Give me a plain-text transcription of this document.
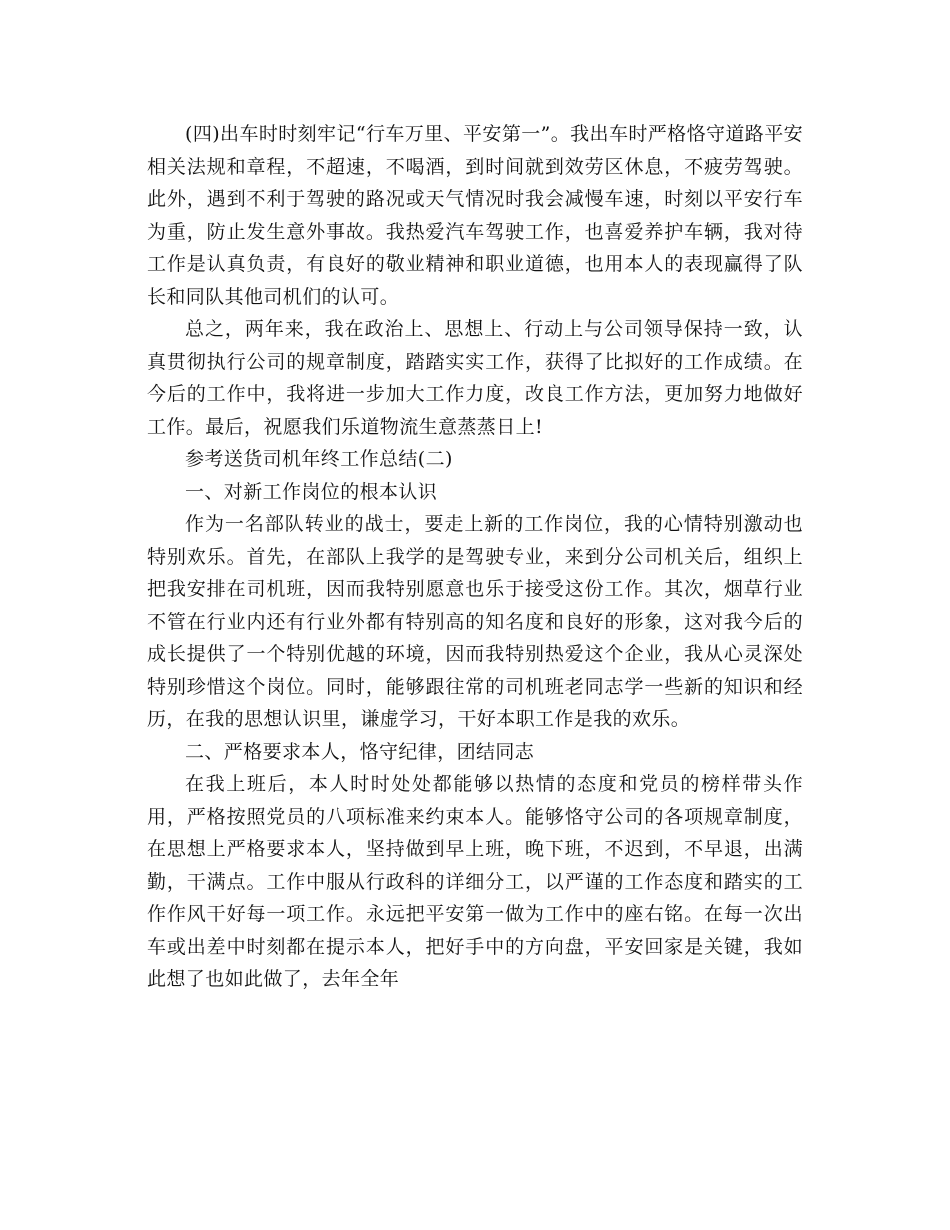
(四)出车时时刻牢记“行车万里、平安第一”。我出车时严格恪守道路平安相关法规和章程，不超速，不喝酒，到时间就到效劳区休息，不疲劳驾驶。此外，遇到不利于驾驶的路况或天气情况时我会减慢车速，时刻以平安行车为重，防止发生意外事故。我热爱汽车驾驶工作，也喜爱养护车辆，我对待工作是认真负责，有良好的敬业精神和职业道德，也用本人的表现赢得了队长和同队其他司机们的认可。

总之，两年来，我在政治上、思想上、行动上与公司领导保持一致，认真贯彻执行公司的规章制度，踏踏实实工作，获得了比拟好的工作成绩。在今后的工作中，我将进一步加大工作力度，改良工作方法，更加努力地做好工作。最后，祝愿我们乐道物流生意蒸蒸日上!

参考送货司机年终工作总结(二)

一、对新工作岗位的根本认识

作为一名部队转业的战士，要走上新的工作岗位，我的心情特别激动也特别欢乐。首先，在部队上我学的是驾驶专业，来到分公司机关后，组织上把我安排在司机班，因而我特别愿意也乐于接受这份工作。其次，烟草行业不管在行业内还有行业外都有特别高的知名度和良好的形象，这对我今后的成长提供了一个特别优越的环境，因而我特别热爱这个企业，我从心灵深处特别珍惜这个岗位。同时，能够跟往常的司机班老同志学一些新的知识和经历，在我的思想认识里，谦虚学习，干好本职工作是我的欢乐。

二、严格要求本人，恪守纪律，团结同志

在我上班后，本人时时处处都能够以热情的态度和党员的榜样带头作用，严格按照党员的八项标准来约束本人。能够恪守公司的各项规章制度，在思想上严格要求本人，坚持做到早上班，晚下班，不迟到，不早退，出满勤，干满点。工作中服从行政科的详细分工，以严谨的工作态度和踏实的工作作风干好每一项工作。永远把平安第一做为工作中的座右铭。在每一次出车或出差中时刻都在提示本人，把好手中的方向盘，平安回家是关键，我如此想了也如此做了，去年全年
